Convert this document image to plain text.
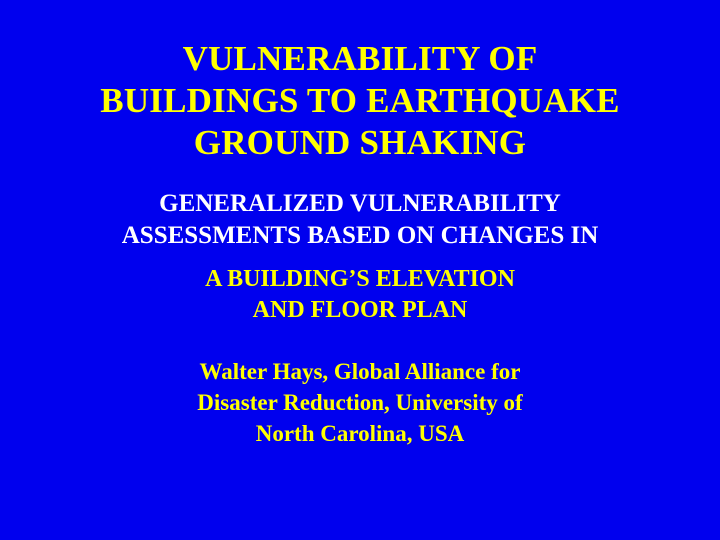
VULNERABILITY OF
BUILDINGS TO EARTHQUAKE
GROUND SHAKING
GENERALIZED VULNERABILITY
ASSESSMENTS BASED ON CHANGES IN
A BUILDING’S ELEVATION
AND FLOOR PLAN
Walter Hays, Global Alliance for
Disaster Reduction, University of
North Carolina, USA
